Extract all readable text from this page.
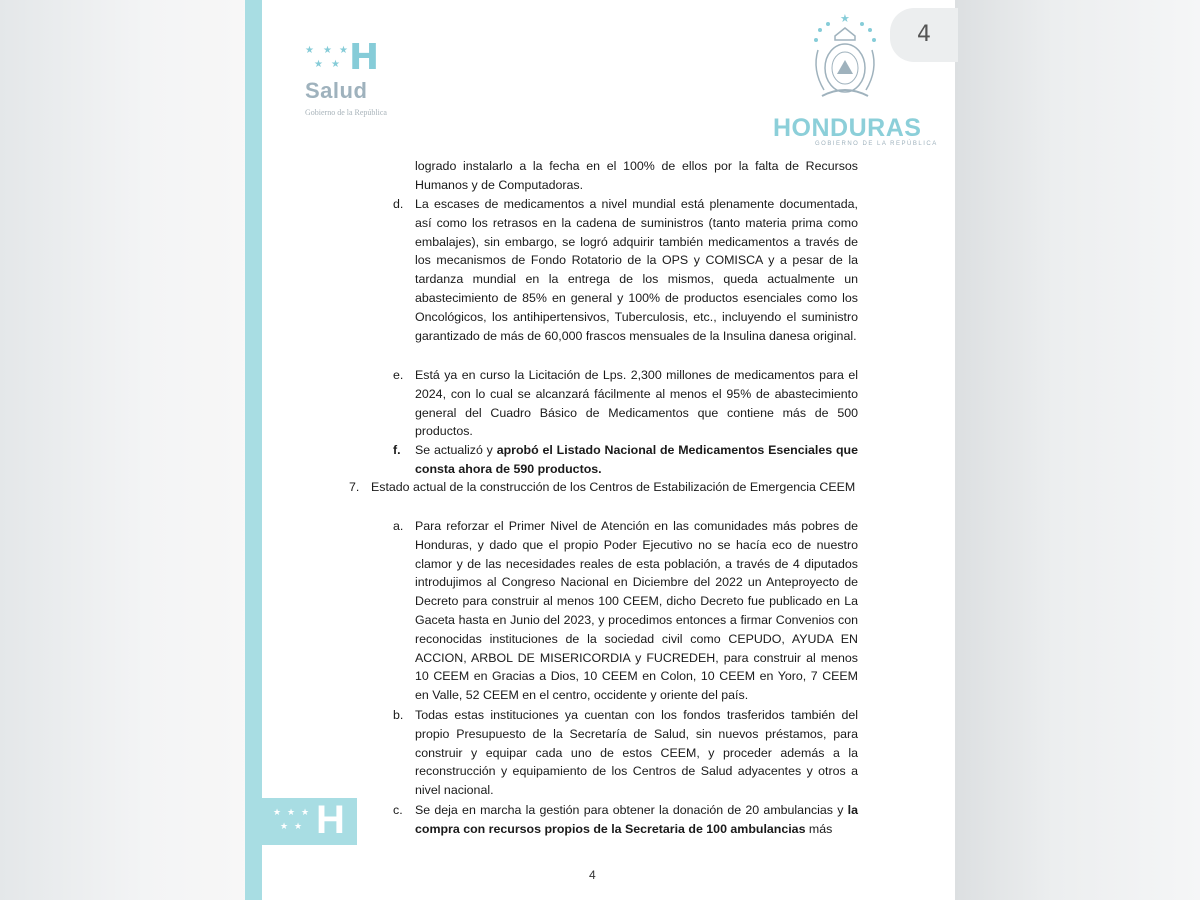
★ ★ ★
★ ★ H
Salud
Gobierno de la República
★
HONDURAS
GOBIERNO DE LA REPÚBLICA
logrado instalarlo a la fecha en el 100% de ellos por la falta de Recursos Humanos y de Computadoras.
d. La escases de medicamentos a nivel mundial está plenamente documentada, así como los retrasos en la cadena de suministros (tanto materia prima como embalajes), sin embargo, se logró adquirir también medicamentos a través de los mecanismos de Fondo Rotatorio de la OPS y COMISCA y a pesar de la tardanza mundial en la entrega de los mismos, queda actualmente un abastecimiento de 85% en general y 100% de productos esenciales como los Oncológicos, los antihipertensivos, Tuberculosis, etc., incluyendo el suministro garantizado de más de 60,000 frascos mensuales de la Insulina danesa original.
e. Está ya en curso la Licitación de Lps. 2,300 millones de medicamentos para el 2024, con lo cual se alcanzará fácilmente al menos el 95% de abastecimiento general del Cuadro Básico de Medicamentos que contiene más de 500 productos.
f. Se actualizó y aprobó el Listado Nacional de Medicamentos Esenciales que consta ahora de 590 productos.
7. Estado actual de la construcción de los Centros de Estabilización de Emergencia CEEM
a. Para reforzar el Primer Nivel de Atención en las comunidades más pobres de Honduras, y dado que el propio Poder Ejecutivo no se hacía eco de nuestro clamor y de las necesidades reales de esta población, a través de 4 diputados introdujimos al Congreso Nacional en Diciembre del 2022 un Anteproyecto de Decreto para construir al menos 100 CEEM, dicho Decreto fue publicado en La Gaceta hasta en Junio del 2023, y procedimos entonces a firmar Convenios con reconocidas instituciones de la sociedad civil como CEPUDO, AYUDA EN ACCION, ARBOL DE MISERICORDIA y FUCREDEH, para construir al menos 10 CEEM en Gracias a Dios, 10 CEEM en Colon, 10 CEEM en Yoro, 7 CEEM en Valle, 52 CEEM en el centro, occidente y oriente del país.
b. Todas estas instituciones ya cuentan con los fondos trasferidos también del propio Presupuesto de la Secretaría de Salud, sin nuevos préstamos, para construir y equipar cada uno de estos CEEM, y proceder además a la reconstrucción y equipamiento de los Centros de Salud adyacentes y otros a nivel nacional.
c. Se deja en marcha la gestión para obtener la donación de 20 ambulancias y la compra con recursos propios de la Secretaria de 100 ambulancias más
★ ★ ★
★ ★ H
4
4
